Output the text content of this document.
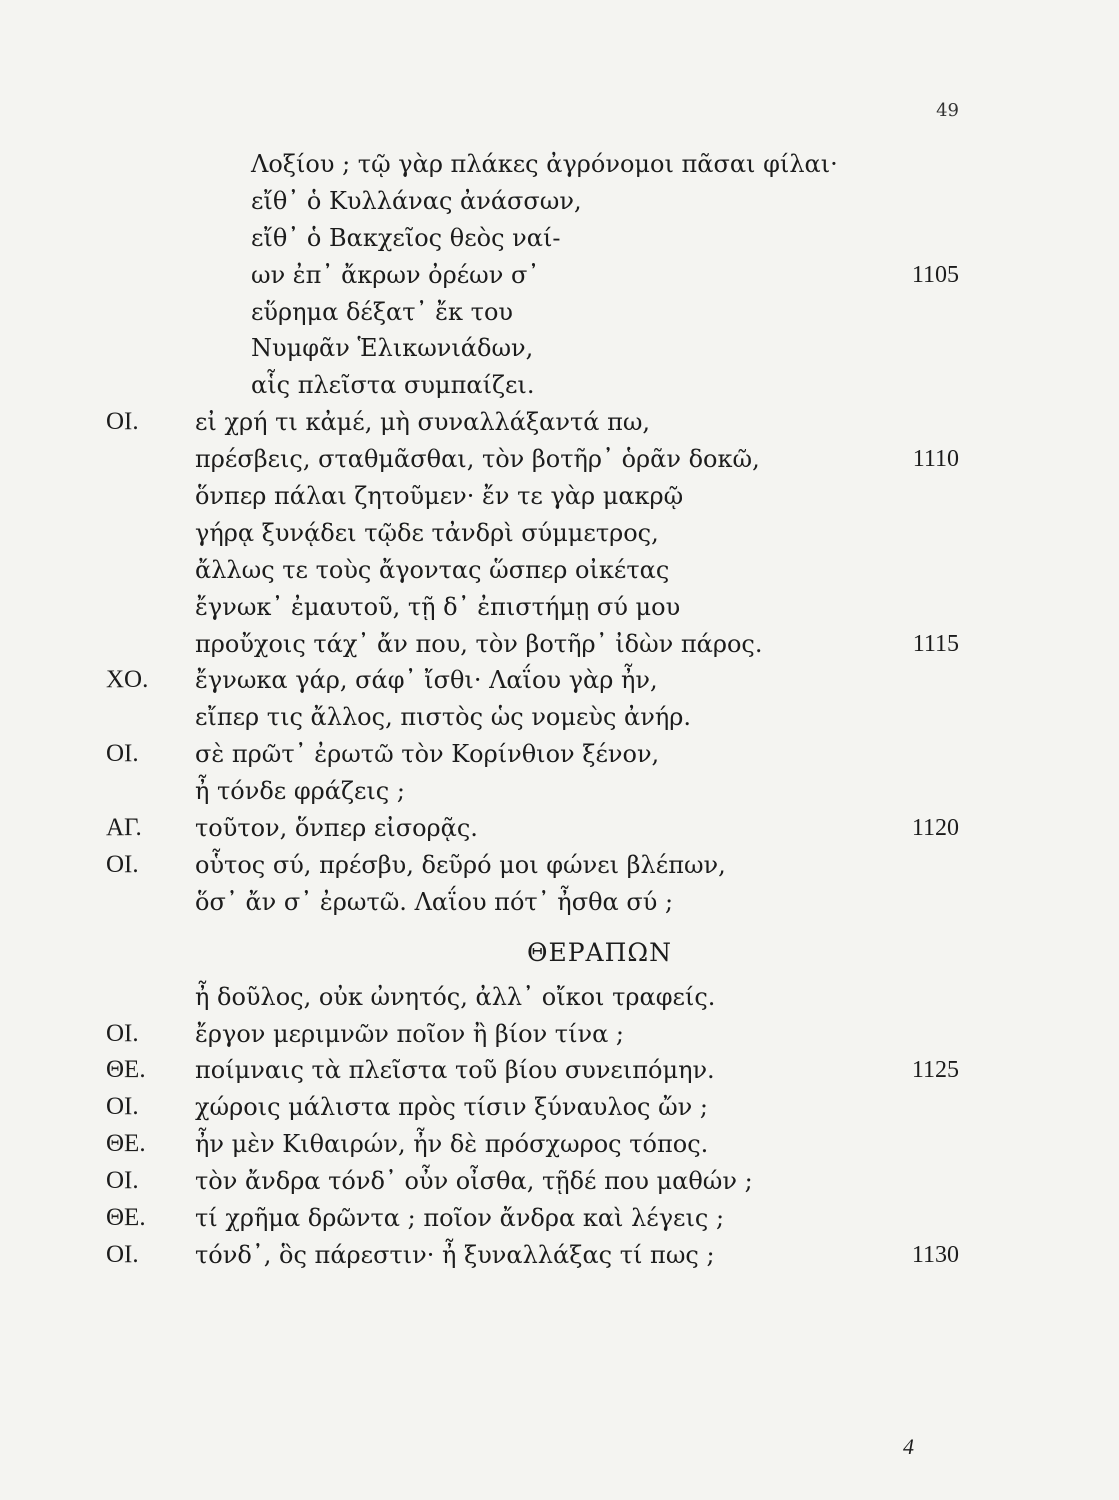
49
Λοξίου ; τῷ γὰρ πλάκες ἀγρόνομοι πᾶσαι φίλαι·
εἴθ᾽ ὁ Κυλλάνας ἀνάσσων,
εἴθ᾽ ὁ Βακχεῖος θεὸς ναί-
ων ἐπ᾽ ἄκρων ὀρέων σ᾽	1105
εὕρημα δέξατ᾽ ἔκ του
Νυμφᾶν Ἑλικωνιάδων,
αἷς πλεῖστα συμπαίζει.
ΟΙ. εἰ χρή τι κἀμέ, μὴ συναλλάξαντά πω,
πρέσβεις, σταθμᾶσθαι, τὸν βοτῆρ᾽ ὁρᾶν δοκῶ,	1110
ὅνπερ πάλαι ζητοῦμεν· ἔν τε γὰρ μακρῷ
γήρᾳ ξυνᾴδει τῷδε τἀνδρὶ σύμμετρος,
ἄλλως τε τοὺς ἄγοντας ὥσπερ οἰκέτας
ἔγνωκ᾽ ἐμαυτοῦ, τῇ δ᾽ ἐπιστήμῃ σύ μου
προὔχοις τάχ᾽ ἄν που, τὸν βοτῆρ᾽ ἰδὼν πάρος.	1115
ΧΟ. ἔγνωκα γάρ, σάφ᾽ ἴσθι· Λαΐου γὰρ ἦν,
εἴπερ τις ἄλλος, πιστὸς ὡς νομεὺς ἀνήρ.
ΟΙ. σὲ πρῶτ᾽ ἐρωτῶ τὸν Κορίνθιον ξένον,
ἦ τόνδε φράζεις ;
ΑΓ. τοῦτον, ὅνπερ εἰσορᾷς.	1120
ΟΙ. οὗτος σύ, πρέσβυ, δεῦρό μοι φώνει βλέπων,
ὅσ᾽ ἄν σ᾽ ἐρωτῶ. Λαΐου πότ᾽ ἦσθα σύ ;
ΘΕΡΑΠΩΝ
ἦ δοῦλος, οὐκ ὠνητός, ἀλλ᾽ οἴκοι τραφείς.
ΟΙ. ἔργον μεριμνῶν ποῖον ἢ βίον τίνα ;
ΘΕ. ποίμναις τὰ πλεῖστα τοῦ βίου συνειπόμην.	1125
ΟΙ. χώροις μάλιστα πρὸς τίσιν ξύναυλος ὤν ;
ΘΕ. ἦν μὲν Κιθαιρών, ἦν δὲ πρόσχωρος τόπος.
ΟΙ. τὸν ἄνδρα τόνδ᾽ οὖν οἶσθα, τῇδέ που μαθών ;
ΘΕ. τί χρῆμα δρῶντα ; ποῖον ἄνδρα καὶ λέγεις ;
ΟΙ. τόνδ᾽, ὃς πάρεστιν· ἦ ξυναλλάξας τί πως ;	1130
4
